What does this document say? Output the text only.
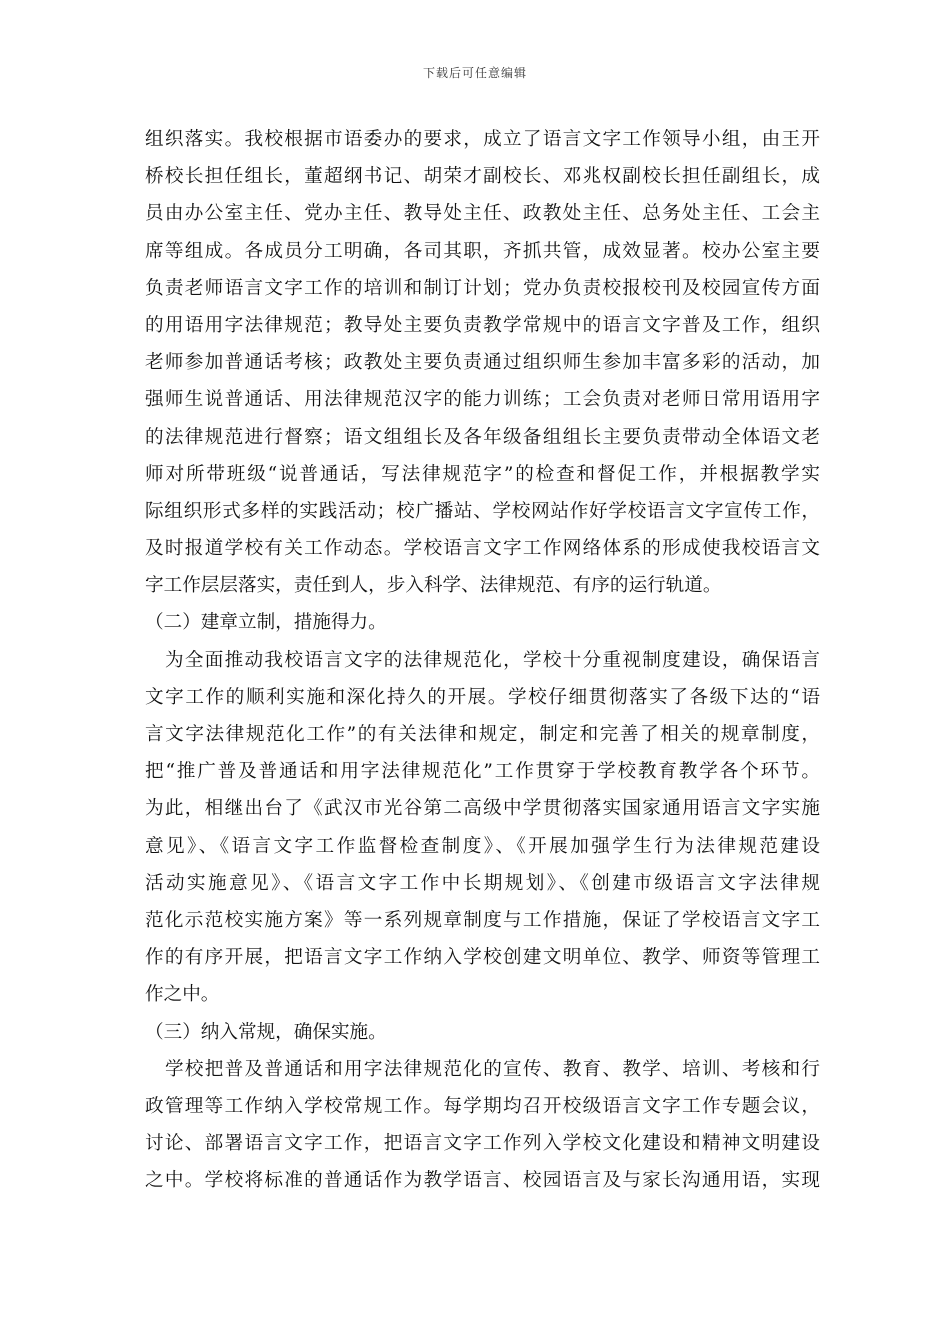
下载后可任意编辑
组织落实。我校根据市语委办的要求，成立了语言文字工作领导小组，由王开
桥校长担任组长，董超纲书记、胡荣才副校长、邓兆权副校长担任副组长，成
员由办公室主任、党办主任、教导处主任、政教处主任、总务处主任、工会主
席等组成。各成员分工明确，各司其职，齐抓共管，成效显著。校办公室主要
负责老师语言文字工作的培训和制订计划；党办负责校报校刊及校园宣传方面
的用语用字法律规范；教导处主要负责教学常规中的语言文字普及工作，组织
老师参加普通话考核；政教处主要负责通过组织师生参加丰富多彩的活动，加
强师生说普通话、用法律规范汉字的能力训练；工会负责对老师日常用语用字
的法律规范进行督察；语文组组长及各年级备组组长主要负责带动全体语文老
师对所带班级“说普通话，写法律规范字”的检查和督促工作，并根据教学实
际组织形式多样的实践活动；校广播站、学校网站作好学校语言文字宣传工作，
及时报道学校有关工作动态。学校语言文字工作网络体系的形成使我校语言文
字工作层层落实，责任到人，步入科学、法律规范、有序的运行轨道。
（二）建章立制，措施得力。
为全面推动我校语言文字的法律规范化，学校十分重视制度建设，确保语言
文字工作的顺利实施和深化持久的开展。学校仔细贯彻落实了各级下达的“语
言文字法律规范化工作”的有关法律和规定，制定和完善了相关的规章制度，
把“推广普及普通话和用字法律规范化”工作贯穿于学校教育教学各个环节。
为此，相继出台了《武汉市光谷第二高级中学贯彻落实国家通用语言文字实施
意见》、《语言文字工作监督检查制度》、《开展加强学生行为法律规范建设
活动实施意见》、《语言文字工作中长期规划》、《创建市级语言文字法律规
范化示范校实施方案》等一系列规章制度与工作措施，保证了学校语言文字工
作的有序开展，把语言文字工作纳入学校创建文明单位、教学、师资等管理工
作之中。
（三）纳入常规，确保实施。
学校把普及普通话和用字法律规范化的宣传、教育、教学、培训、考核和行
政管理等工作纳入学校常规工作。每学期均召开校级语言文字工作专题会议，
讨论、部署语言文字工作，把语言文字工作列入学校文化建设和精神文明建设
之中。学校将标准的普通话作为教学语言、校园语言及与家长沟通用语，实现
